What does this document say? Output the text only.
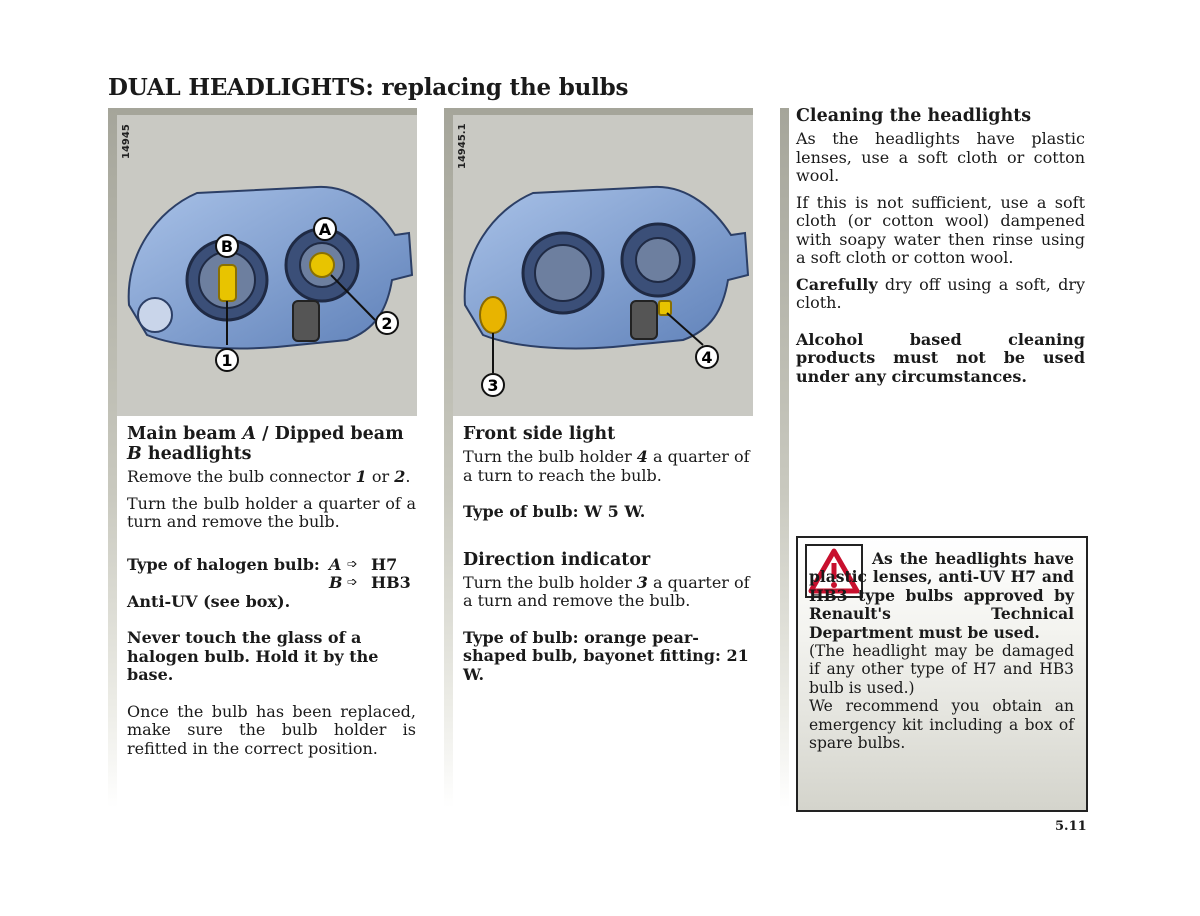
DUAL HEADLIGHTS: replacing the bulbs
14945
1
2
B
A
14945.1
3
4

Main beam A / Dipped beam B headlights

Remove the bulb connector 1 or 2.

Turn the bulb holder a quarter of a turn and remove the bulb.

Type of halogen bulb: A ➩ H7
B ➩ HB3

Anti-UV (see box).

Never touch the glass of a halogen bulb. Hold it by the base.

Once the bulb has been replaced, make sure the bulb holder is refitted in the correct position.

Front side light

Turn the bulb holder 4 a quarter of a turn to reach the bulb.

Type of bulb: W 5 W.

Direction indicator

Turn the bulb holder 3 a quarter of a turn and remove the bulb.

Type of bulb: orange pear-shaped bulb, bayonet fitting: 21 W.

Cleaning the headlights

As the headlights have plastic lenses, use a soft cloth or cotton wool.

If this is not sufficient, use a soft cloth (or cotton wool) dampened with soapy water then rinse using a soft cloth or cotton wool.

Carefully dry off using a soft, dry cloth.

Alcohol based cleaning products must not be used under any circumstances.

As the headlights have plastic lenses, anti-UV H7 and HB3 type bulbs approved by Renault's Technical Department must be used.

(The headlight may be damaged if any other type of H7 and HB3 bulb is used.)

We recommend you obtain an emergency kit including a box of spare bulbs.

5.11
